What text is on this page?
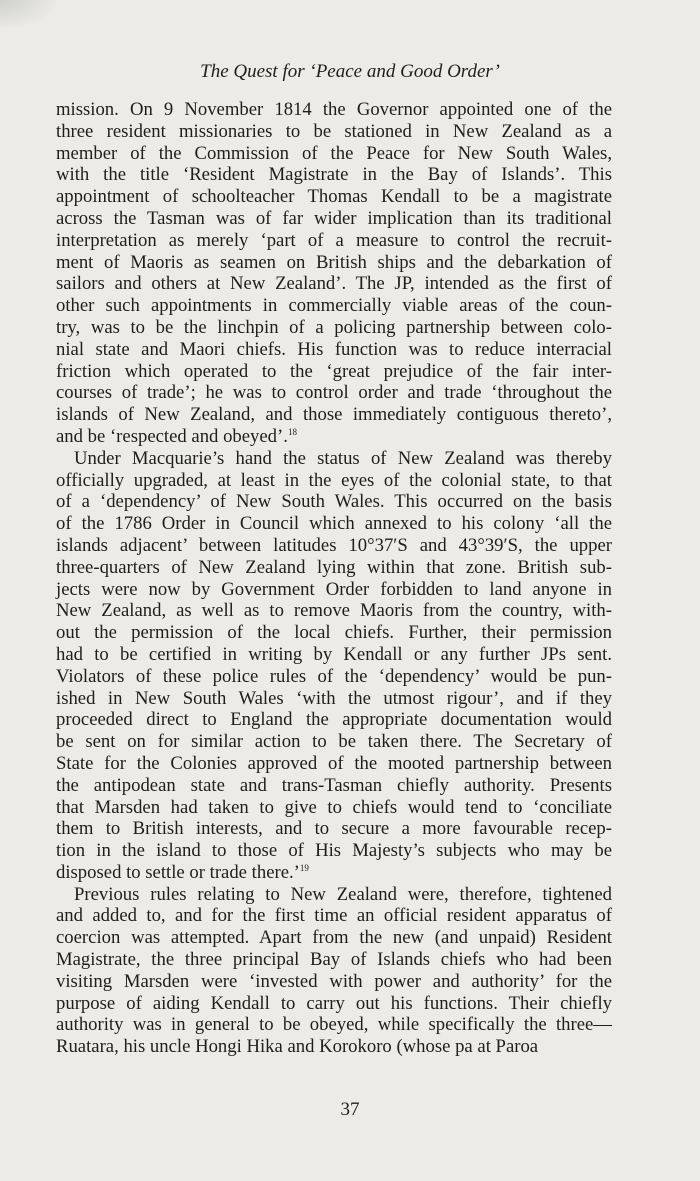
The Quest for ‘Peace and Good Order’
mission. On 9 November 1814 the Governor appointed one of the
three resident missionaries to be stationed in New Zealand as a
member of the Commission of the Peace for New South Wales,
with the title ‘Resident Magistrate in the Bay of Islands’. This
appointment of schoolteacher Thomas Kendall to be a magistrate
across the Tasman was of far wider implication than its traditional
interpretation as merely ‘part of a measure to control the recruit-
ment of Maoris as seamen on British ships and the debarkation of
sailors and others at New Zealand’. The JP, intended as the first of
other such appointments in commercially viable areas of the coun-
try, was to be the linchpin of a policing partnership between colo-
nial state and Maori chiefs. His function was to reduce interracial
friction which operated to the ‘great prejudice of the fair inter-
courses of trade’; he was to control order and trade ‘throughout the
islands of New Zealand, and those immediately contiguous thereto’,
and be ‘respected and obeyed’.$^{18}$
Under Macquarie’s hand the status of New Zealand was thereby
officially upgraded, at least in the eyes of the colonial state, to that
of a ‘dependency’ of New South Wales. This occurred on the basis
of the 1786 Order in Council which annexed to his colony ‘all the
islands adjacent’ between latitudes 10°37′S and 43°39′S, the upper
three-quarters of New Zealand lying within that zone. British sub-
jects were now by Government Order forbidden to land anyone in
New Zealand, as well as to remove Maoris from the country, with-
out the permission of the local chiefs. Further, their permission
had to be certified in writing by Kendall or any further JPs sent.
Violators of these police rules of the ‘dependency’ would be pun-
ished in New South Wales ‘with the utmost rigour’, and if they
proceeded direct to England the appropriate documentation would
be sent on for similar action to be taken there. The Secretary of
State for the Colonies approved of the mooted partnership between
the antipodean state and trans-Tasman chiefly authority. Presents
that Marsden had taken to give to chiefs would tend to ‘conciliate
them to British interests, and to secure a more favourable recep-
tion in the island to those of His Majesty’s subjects who may be
disposed to settle or trade there.’$^{19}$
Previous rules relating to New Zealand were, therefore, tightened
and added to, and for the first time an official resident apparatus of
coercion was attempted. Apart from the new (and unpaid) Resident
Magistrate, the three principal Bay of Islands chiefs who had been
visiting Marsden were ‘invested with power and authority’ for the
purpose of aiding Kendall to carry out his functions. Their chiefly
authority was in general to be obeyed, while specifically the three—
Ruatara, his uncle Hongi Hika and Korokoro (whose pa at Paroa
37
